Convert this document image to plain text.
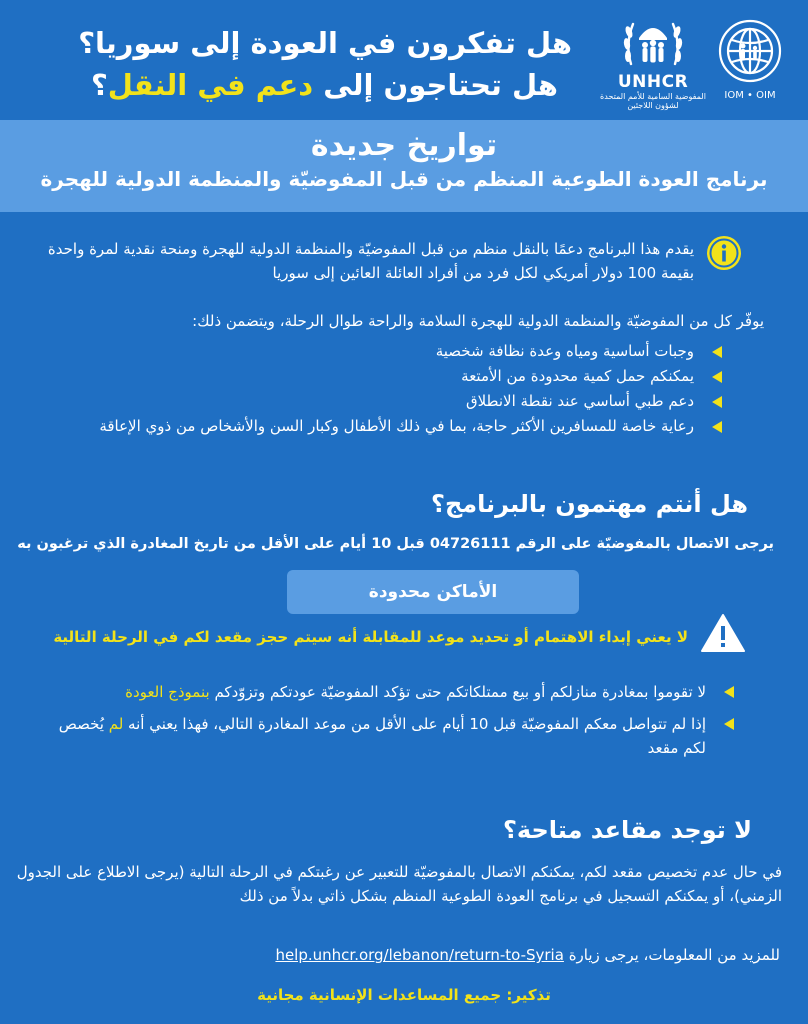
هل تفكرون في العودة إلى سوريا؟
هل تحتاجون إلى دعم في النقل؟	UNHCR
المفوضية السامية للأمم المتحدة
لشؤون اللاجئين
IOM • OIM
تواريخ جديدة
برنامج العودة الطوعية المنظم من قبل المفوضيّة والمنظمة الدولية للهجرة
يقدم هذا البرنامج دعمًا بالنقل منظم من قبل المفوضيّة والمنظمة الدولية للهجرة ومنحة نقدية لمرة واحدة بقيمة 100 دولار أمريكي لكل فرد من أفراد العائلة العائين إلى سوريا
يوفّر كل من المفوضيّة والمنظمة الدولية للهجرة السلامة والراحة طوال الرحلة، ويتضمن ذلك:
وجبات أساسية ومياه وعدة نظافة شخصية
يمكنكم حمل كمية محدودة من الأمتعة
دعم طبي أساسي عند نقطة الانطلاق
رعاية خاصة للمسافرين الأكثر حاجة، بما في ذلك الأطفال وكبار السن والأشخاص من ذوي الإعاقة
هل أنتم مهتمون بالبرنامج؟
يرجى الاتصال بالمفوضيّة على الرقم 04726111 قبل 10 أيام على الأقل من تاريخ المغادرة الذي ترغبون به
الأماكن محدودة
لا يعني إبداء الاهتمام أو تحديد موعد للمقابلة أنه سيتم حجز مقعد لكم في الرحلة التالية
لا تقوموا بمغادرة منازلكم أو بيع ممتلكاتكم حتى تؤكد المفوضيّة عودتكم وتزوّدكم بنموذج العودة
إذا لم تتواصل معكم المفوضيّة قبل 10 أيام على الأقل من موعد المغادرة التالي، فهذا يعني أنه لم يُخصص لكم مقعد
لا توجد مقاعد متاحة؟
في حال عدم تخصيص مقعد لكم، يمكنكم الاتصال بالمفوضيّة للتعبير عن رغبتكم في الرحلة التالية (يرجى الاطلاع على الجدول الزمني)، أو يمكنكم التسجيل في برنامج العودة الطوعية المنظم بشكل ذاتي بدلاً من ذلك
للمزيد من المعلومات، يرجى زيارة help.unhcr.org/lebanon/return-to-Syria
تذكير: جميع المساعدات الإنسانية مجانية
